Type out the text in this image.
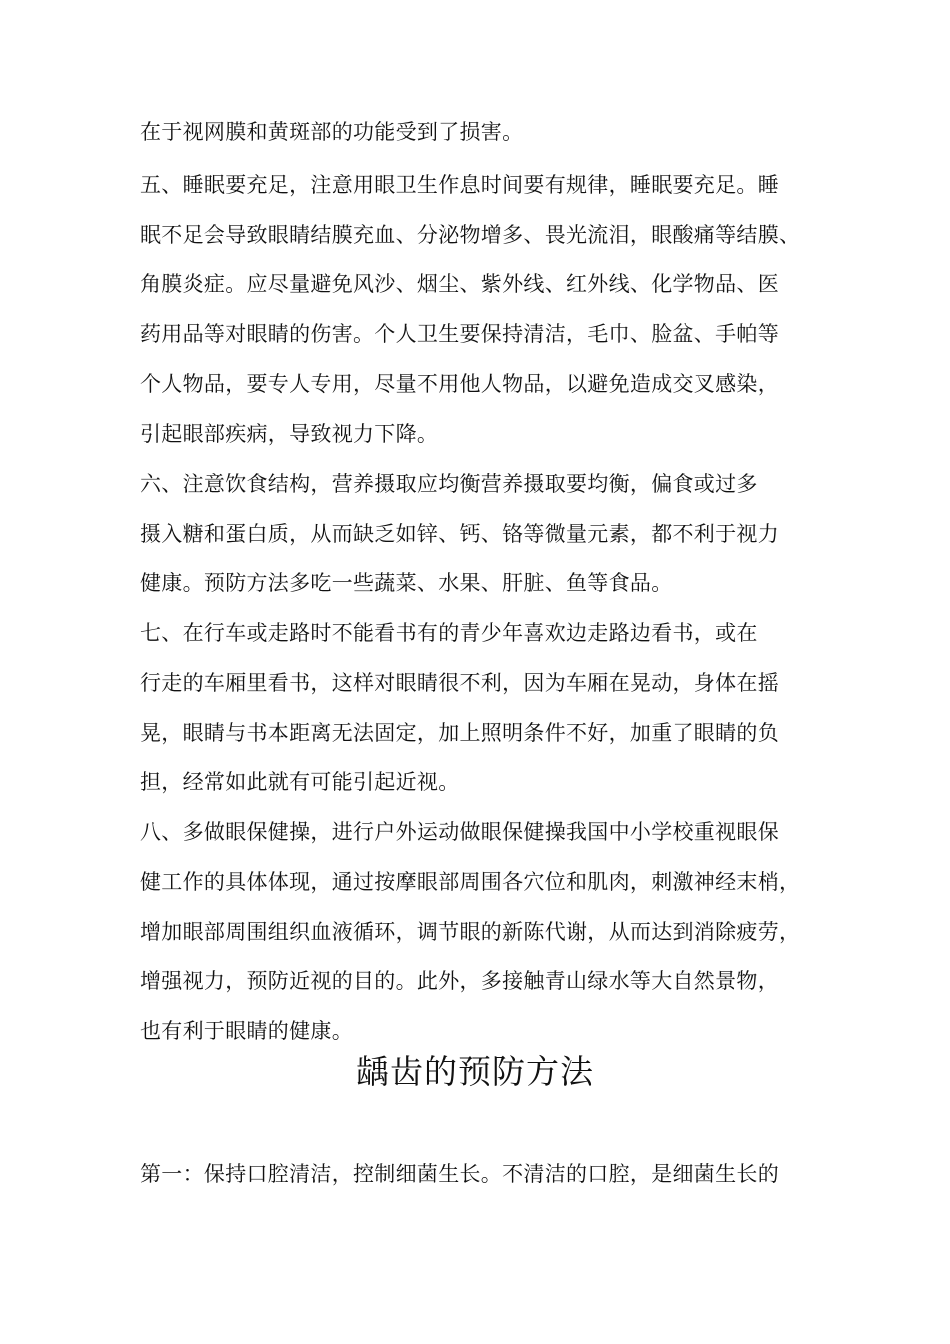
在于视网膜和黄斑部的功能受到了损害。
五、睡眠要充足，注意用眼卫生作息时间要有规律，睡眠要充足。睡
眠不足会导致眼睛结膜充血、分泌物增多、畏光流泪，眼酸痛等结膜、
角膜炎症。应尽量避免风沙、烟尘、紫外线、红外线、化学物品、医
药用品等对眼睛的伤害。个人卫生要保持清洁，毛巾、脸盆、手帕等
个人物品，要专人专用，尽量不用他人物品，以避免造成交叉感染，
引起眼部疾病，导致视力下降。
六、注意饮食结构，营养摄取应均衡营养摄取要均衡，偏食或过多
摄入糖和蛋白质，从而缺乏如锌、钙、铬等微量元素，都不利于视力
健康。预防方法多吃一些蔬菜、水果、肝脏、鱼等食品。
七、在行车或走路时不能看书有的青少年喜欢边走路边看书，或在
行走的车厢里看书，这样对眼睛很不利，因为车厢在晃动，身体在摇
晃，眼睛与书本距离无法固定，加上照明条件不好，加重了眼睛的负
担，经常如此就有可能引起近视。
八、多做眼保健操，进行户外运动做眼保健操我国中小学校重视眼保
健工作的具体体现，通过按摩眼部周围各穴位和肌肉，刺激神经末梢，
增加眼部周围组织血液循环，调节眼的新陈代谢，从而达到消除疲劳，
增强视力，预防近视的目的。此外，多接触青山绿水等大自然景物，
也有利于眼睛的健康。
龋齿的预防方法
第一：保持口腔清洁，控制细菌生长。不清洁的口腔，是细菌生长的
